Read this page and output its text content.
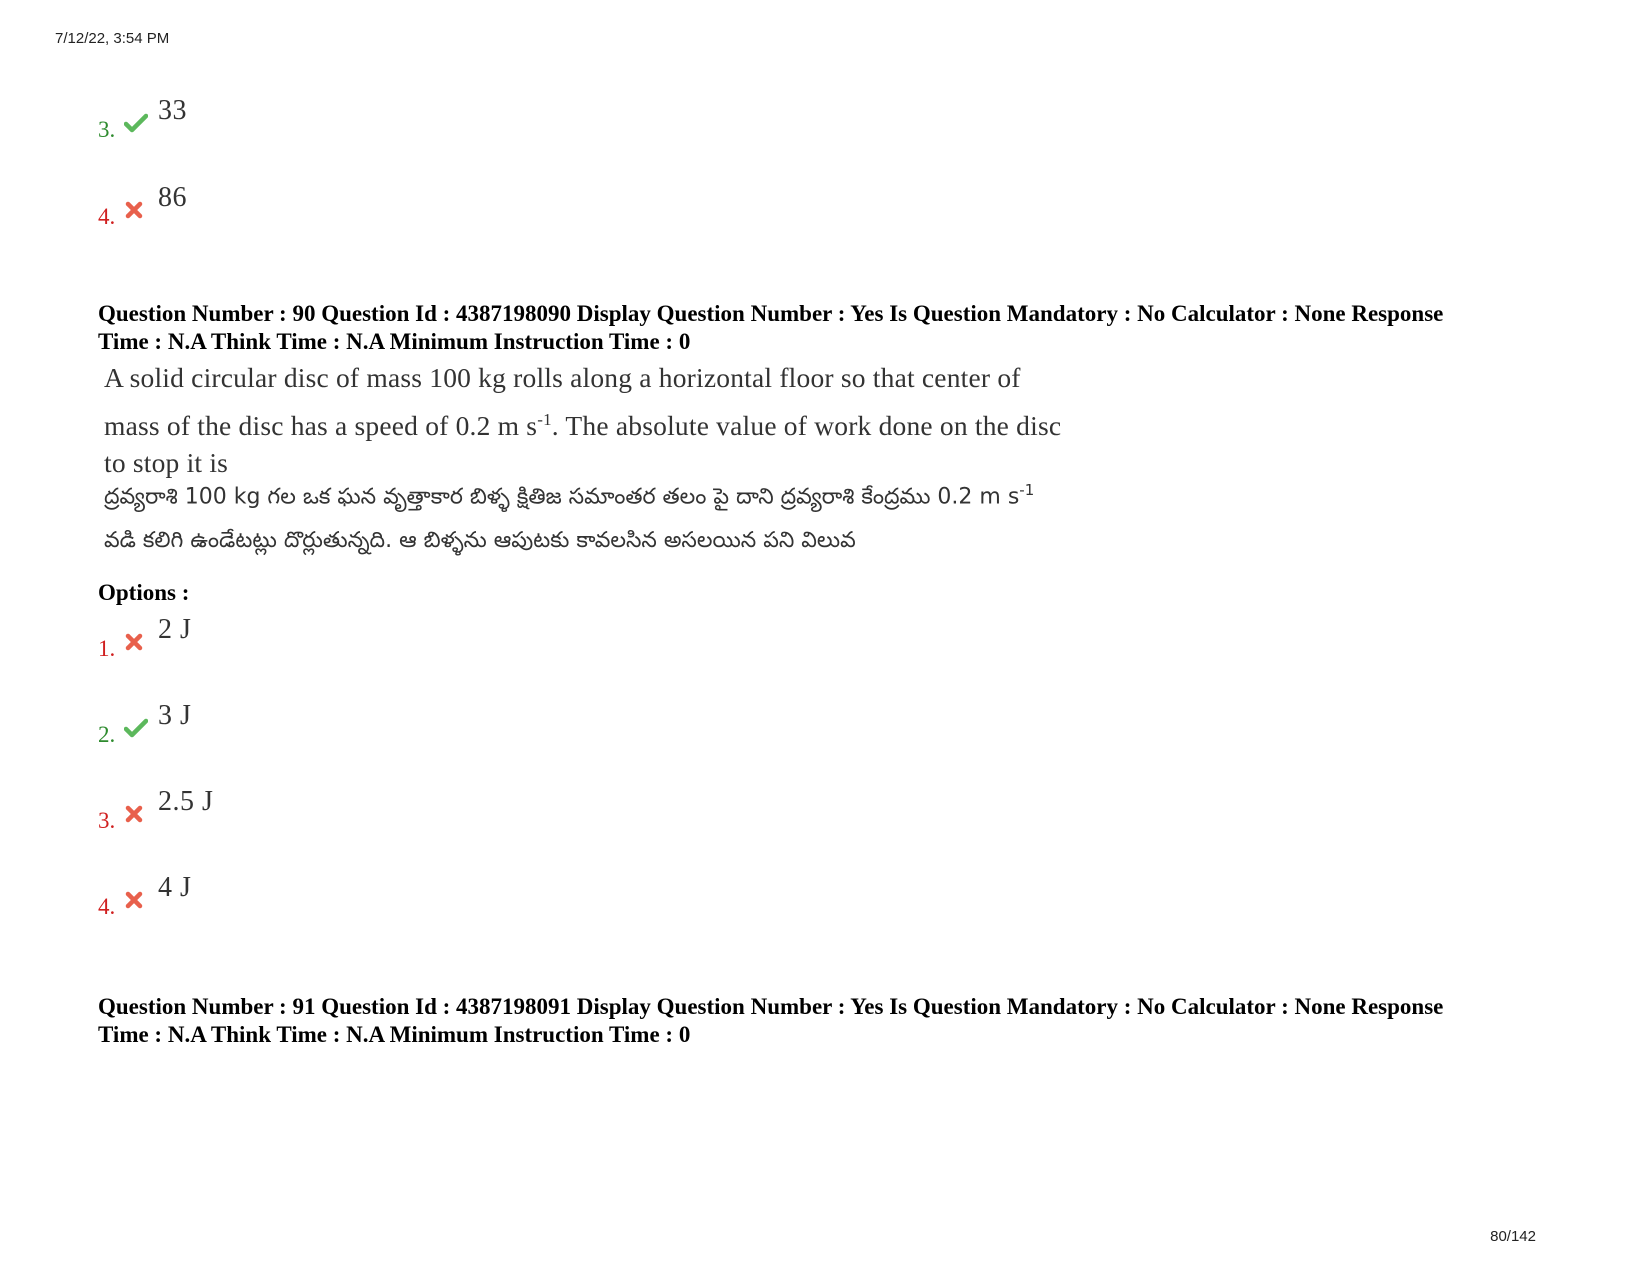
7/12/22, 3:54 PM
3.
33
4.
86
Question Number : 90 Question Id : 4387198090 Display Question Number : Yes Is Question Mandatory : No Calculator : None Response
Time : N.A Think Time : N.A Minimum Instruction Time : 0
A solid circular disc of mass 100 kg rolls along a horizontal floor so that center of
mass of the disc has a speed of 0.2 m $s^{-1}$. The absolute value of work done on the disc
to stop it is
ద్రవ్యరాశి 100 kg గల ఒక ఘన వృత్తాకార బిళ్ళ క్షితిజ సమాంతర తలం పై దాని ద్రవ్యరాశి కేంద్రము 0.2 m $s^{-1}$
వడి కలిగి ఉండేటట్లు దొర్లుతున్నది. ఆ బిళ్ళను ఆపుటకు కావలసిన అసలయిన పని విలువ
Options :
1.
2 J
2.
3 J
3.
2.5 J
4.
4 J
Question Number : 91 Question Id : 4387198091 Display Question Number : Yes Is Question Mandatory : No Calculator : None Response
Time : N.A Think Time : N.A Minimum Instruction Time : 0
80/142
